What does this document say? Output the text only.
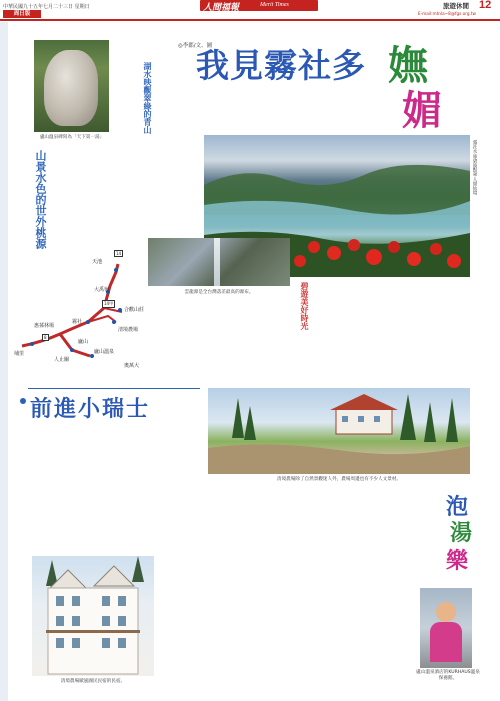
中華民國九十五年七月二十三日 星期日	人間福報	Merit Times	旅遊休閒 12
E-mail:mtnla~8@fgs.org.tw
周日版
盧山溫泉碑寫為「天下第一湯」
◎李郡/文、圖
我見霧社多 嫵
媚
霧社水庫碧波點翠人間仙境
湖水映觀翠綠的青山
山景水色的世外桃源
天池
大禹嶺
合歡山莊
霧社
清境農場
奧萬大
廬山
惠蓀林場
人止關
埔里	廬山溫泉
14
14甲
8
雲龍瀑是全台灣落差最高的瀑布。	碧遊美好時光
清境農場除了自然景觀迷人外，農場周邊也有不少人文景材。
前進小瑞士
清境農場歐風國民民宿的民宿。
泡
湯
樂
盧山溫泉酒店的KURHAUS溫泉保養館。
